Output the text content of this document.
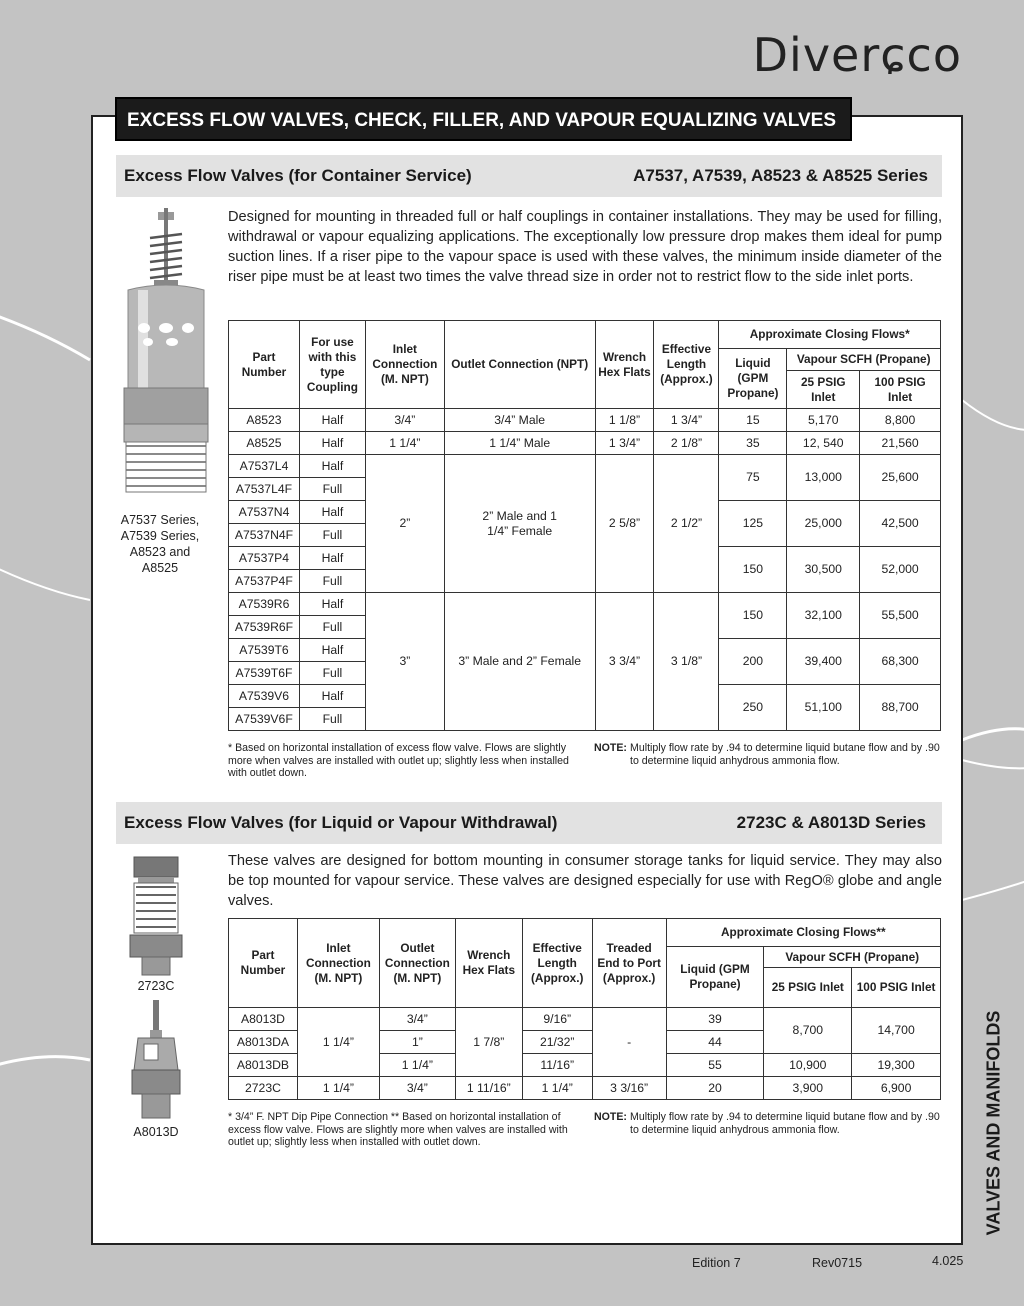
Diverɕco
EXCESS FLOW VALVES, CHECK, FILLER, AND VAPOUR EQUALIZING VALVES
Excess Flow Valves (for Container Service)	A7537, A7539, A8523 & A8525 Series
A7537 Series,
A7539 Series,
A8523 and
A8525
Designed for mounting in threaded full or half couplings in container installations. They may be used for filling, withdrawal or vapour equalizing applications. The exceptionally low pressure drop makes them ideal for pump suction lines. If a riser pipe to the vapour space is used with these valves, the minimum inside diameter of the riser pipe must be at least two times the valve thread size in order not to restrict flow to the side inlet ports.
Part Number	For use with this type Coupling	Inlet Connection (M. NPT)	Outlet Connection (NPT)	Wrench Hex Flats	Effective Length (Approx.)	Approximate Closing Flows*		
						Liquid (GPM Propane)	Vapour SCFH (Propane)	
							25 PSIG Inlet	100 PSIG Inlet
A8523	Half	3/4”	3/4” Male	1 1/8”	1 3/4”	15	5,170	8,800
A8525	Half	1 1/4”	1 1/4” Male	1 3/4”	2 1/8”	35	12, 540	21,560
A7537L4	Half	2”	2” Male and 1 1/4” Female	2 5/8”	2 1/2”	75	13,000	25,600
A7537L4F	Full							
A7537N4	Half					125	25,000	42,500
A7537N4F	Full							
A7537P4	Half					150	30,500	52,000
A7537P4F	Full							
A7539R6	Half	3”	3” Male and 2” Female	3 3/4”	3 1/8”	150	32,100	55,500
A7539R6F	Full							
A7539T6	Half					200	39,400	68,300
A7539T6F	Full							
A7539V6	Half					250	51,100	88,700
A7539V6F	Full							
* Based on horizontal installation of excess flow valve. Flows are slightly more when valves are installed with outlet up; slightly less when installed with outlet down.
NOTE: Multiply flow rate by .94 to determine liquid butane flow and by .90 to determine liquid anhydrous ammonia flow.
Excess Flow Valves (for Liquid or Vapour Withdrawal)	2723C & A8013D Series
2723C
A8013D
These valves are designed for bottom mounting in consumer storage tanks for liquid service. They may also be top mounted for vapour service. These valves are designed especially for use with RegO® globe and angle valves.
Part Number	Inlet Connection (M. NPT)	Outlet Connection (M. NPT)	Wrench Hex Flats	Effective Length (Approx.)	Treaded End to Port (Approx.)	Approximate Closing Flows**		
						Liquid (GPM Propane)	Vapour SCFH (Propane)	
							25 PSIG Inlet	100 PSIG Inlet
A8013D	1 1/4”	3/4”	1 7/8”	9/16”	-	39	8,700	14,700
A8013DA		1”		21/32”		44		
A8013DB		1 1/4”		11/16”		55	10,900	19,300
2723C	1 1/4”	3/4”	1 11/16”	1 1/4”	3 3/16”	20	3,900	6,900
* 3/4” F. NPT Dip Pipe Connection ** Based on horizontal installation of excess flow valve. Flows are slightly more when valves are installed with outlet up; slightly less when installed with outlet down.
NOTE: Multiply flow rate by .94 to determine liquid butane flow and by .90 to determine liquid anhydrous ammonia flow.	VALVES AND MANIFOLDS
Edition 7	Rev0715	4.025
